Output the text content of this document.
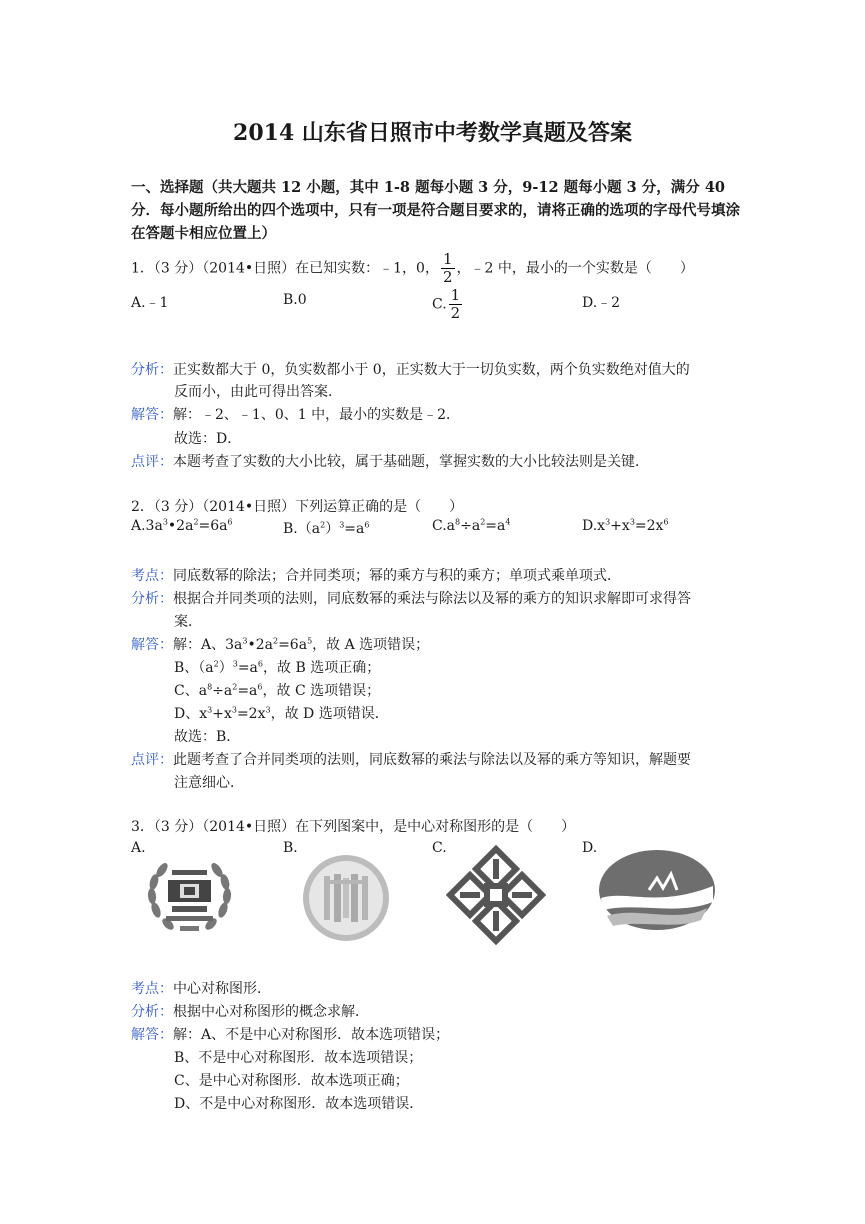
2014 山东省日照市中考数学真题及答案
一、选择题（共大题共 12 小题，其中 1-8 题每小题 3 分，9-12 题每小题 3 分，满分 40 分．每小题所给出的四个选项中，只有一项是符合题目要求的，请将正确的选项的字母代号填涂在答题卡相应位置上）
1．（3 分）（2014•日照）在已知实数：﹣1，0， $\frac{1}{2}$ ，﹣2 中，最小的一个实数是（　　）
A.﹣1	B.0	C. $\frac{1}{2}$	D.﹣2
分析：正实数都大于 0，负实数都小于 0，正实数大于一切负实数，两个负实数绝对值大的
反而小，由此可得出答案．
解答：解：﹣2、﹣1、0、1 中，最小的实数是﹣2．
故选：D．
点评：本题考查了实数的大小比较，属于基础题，掌握实数的大小比较法则是关键．
2．（3 分）（2014•日照）下列运算正确的是（　　）
$A.3a^3•2a^2=6a^6$	$B.(a^2)^3=a^6$	$C.a^8\div a^2=a^4$	$D.x^3+x^3=2x^6$
考点：同底数幂的除法；合并同类项；幂的乘方与积的乘方；单项式乘单项式．
分析：根据合并同类项的法则，同底数幂的乘法与除法以及幂的乘方的知识求解即可求得答
案．
解答：解：A、$3a^3•2a^2=6a^5$，故 A 选项错误；
B、$(a^2)^3=a^6$，故 B 选项正确；
C、$a^8\div a^2=a^6$，故 C 选项错误；
D、$x^3+x^3=2x^3$，故 D 选项错误．
故选：B．
点评：此题考查了合并同类项的法则，同底数幂的乘法与除法以及幂的乘方等知识，解题要
注意细心．
3．（3 分）（2014•日照）在下列图案中，是中心对称图形的是（　　）
A.	B.	C.	D.
考点：中心对称图形．
分析：根据中心对称图形的概念求解．
解答：解：A、不是中心对称图形．故本选项错误；
B、不是中心对称图形．故本选项错误；
C、是中心对称图形．故本选项正确；
D、不是中心对称图形．故本选项错误．
